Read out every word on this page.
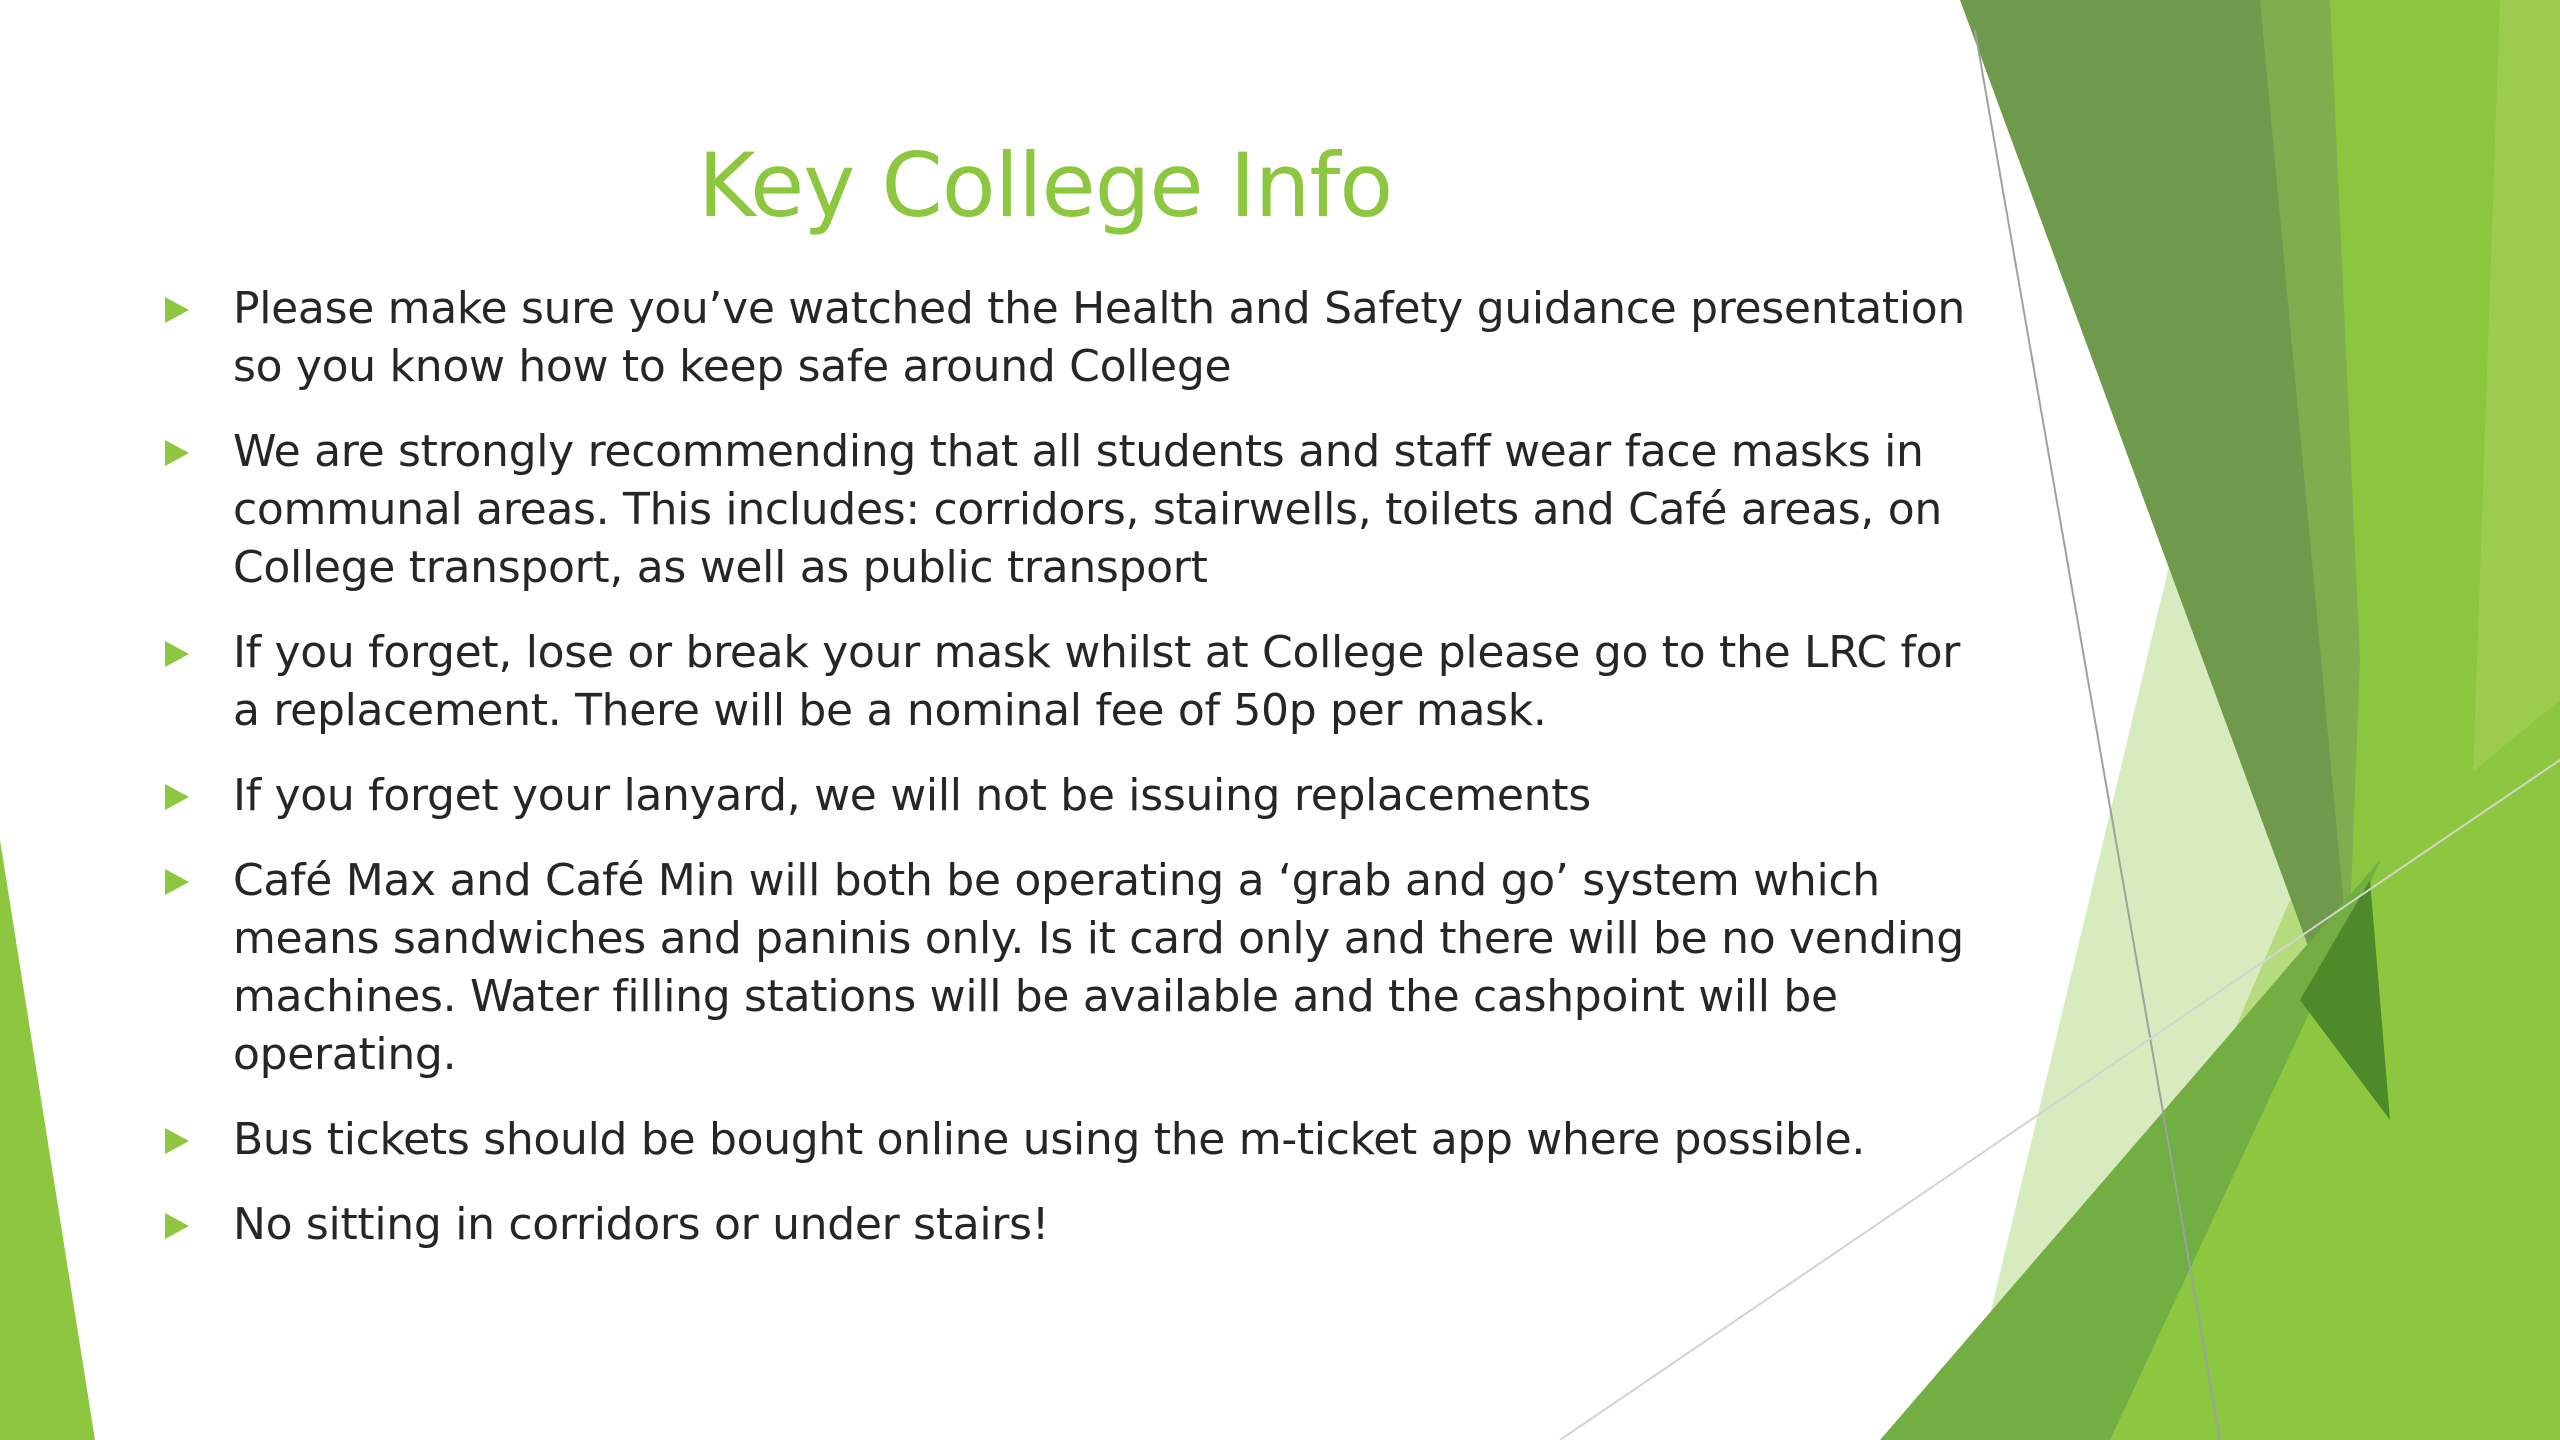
Key College Info
Please make sure you’ve watched the Health and Safety guidance presentation so you know how to keep safe around College
We are strongly recommending that all students and staff wear face masks in communal areas. This includes: corridors, stairwells, toilets and Café areas, on College transport, as well as public transport
If you forget, lose or break your mask whilst at College please go to the LRC for a replacement. There will be a nominal fee of 50p per mask.
If you forget your lanyard, we will not be issuing replacements
Café Max and Café Min will both be operating a ‘grab and go’ system which means sandwiches and paninis only. Is it card only and there will be no vending machines. Water filling stations will be available and the cashpoint will be operating.
Bus tickets should be bought online using the m-ticket app where possible.
No sitting in corridors or under stairs!
